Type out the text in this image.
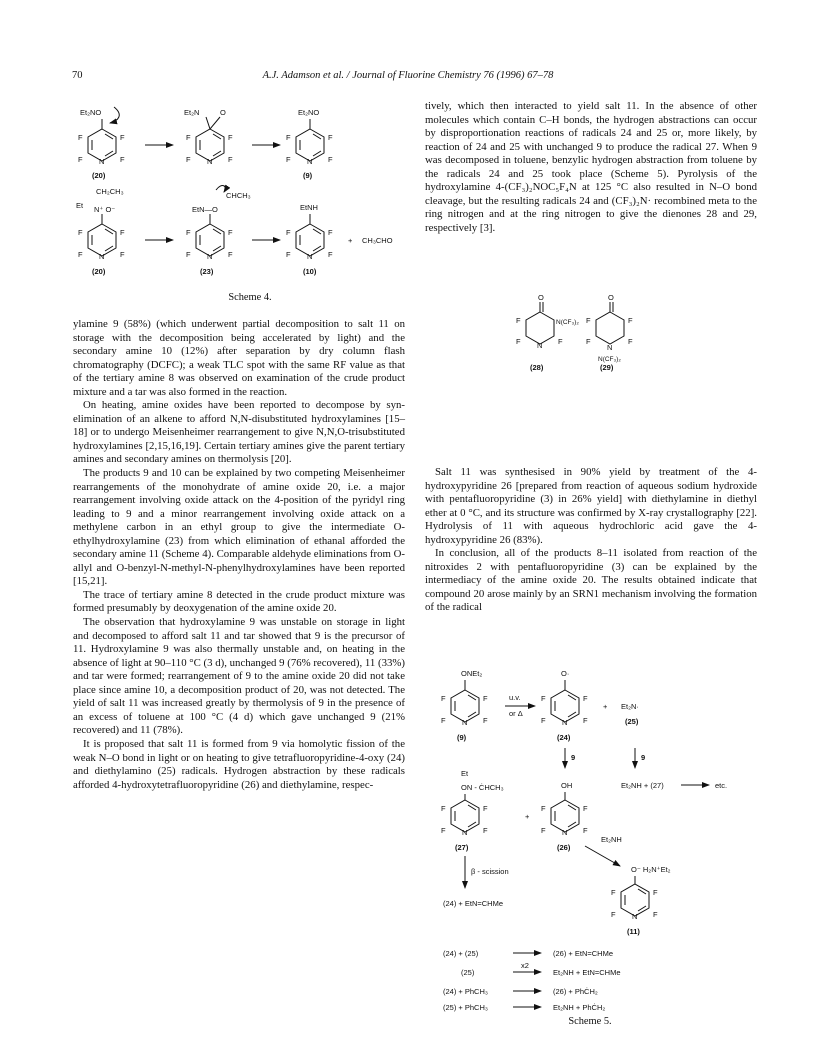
70	A.J. Adamson et al. / Journal of Fluorine Chemistry 76 (1996) 67–78
Et₂NO	Et₂N	O	Et₂NO
(20)	(9)
CH₂CH₃
Et N⁺ O⁻	EtN—O
CHCH₃
EtNH
+ CH₃CHO
(20)	(23)	(10)
Scheme 4.

ylamine 9 (58%) (which underwent partial decomposition to salt 11 on storage with the decomposition being accelerated by light) and the secondary amine 10 (12%) after separation by dry column flash chromatography (DCFC); a weak TLC spot with the same RF value as that of the tertiary amine 8 was observed on examination of the crude product mixture and a tar was also formed in the reaction.

On heating, amine oxides have been reported to decompose by syn-elimination of an alkene to afford N,N-disubstituted hydroxylamines [15–18] or to undergo Meisenheimer rearrangement to give N,N,O-trisubstituted hydroxylamines [2,15,16,19]. Certain tertiary amines give the parent tertiary amines and secondary amines on thermolysis [20].

The products 9 and 10 can be explained by two competing Meisenheimer rearrangements of the monohydrate of amine oxide 20, i.e. a major rearrangement involving oxide attack on the 4-position of the pyridyl ring leading to 9 and a minor rearrangement involving oxide attack on a methylene carbon in an ethyl group to give the intermediate O-ethylhydroxylamine (23) from which elimination of ethanal afforded the secondary amine 11 (Scheme 4). Comparable aldehyde eliminations from O-allyl and O-benzyl-N-methyl-N-phenylhydroxylamines have been reported [15,21].

The trace of tertiary amine 8 detected in the crude product mixture was formed presumably by deoxygenation of the amine oxide 20.

The observation that hydroxylamine 9 was unstable on storage in light and decomposed to afford salt 11 and tar showed that 9 is the precursor of 11. Hydroxylamine 9 was also thermally unstable and, on heating in the absence of light at 90–110 °C (3 d), unchanged 9 (76% recovered), 11 (33%) and tar were formed; rearrangement of 9 to the amine oxide 20 did not take place since amine 10, a decomposition product of 20, was not detected. The yield of salt 11 was increased greatly by thermolysis of 9 in the presence of an excess of toluene at 100 °C (4 d) which gave unchanged 9 (21% recovered) and 11 (78%).

It is proposed that salt 11 is formed from 9 via homolytic fission of the weak N–O bond in light or on heating to give tetrafluoropyridine-4-oxy (24) and diethylamino (25) radicals. Hydrogen abstraction by these radicals afforded 4-hydroxytetrafluoropyridine (26) and diethylamine, respec-

tively, which then interacted to yield salt 11. In the absence of other molecules which contain C–H bonds, the hydrogen abstractions can occur by disproportionation reactions of radicals 24 and 25 or, more likely, by reaction of 24 and 25 with unchanged 9 to produce the radical 27. When 9 was decomposed in toluene, benzylic hydrogen abstraction from toluene by the radicals 24 and 25 took place (Scheme 5). Pyrolysis of the hydroxylamine 4-(CF₃)₂NOC₅F₄N at 125 °C also resulted in N–O bond cleavage, but the resulting radicals 24 and (CF₃)₂N· recombined meta to the ring nitrogen and at the ring nitrogen to give the dienones 28 and 29, respectively [3].

O
N
F
F	F
N(CF₃)₂
O
N
F	F
F	F
N(CF₃)₂
(28)	(29)

Salt 11 was synthesised in 90% yield by treatment of the 4-hydroxypyridine 26 [prepared from reaction of aqueous sodium hydroxide with pentafluoropyridine (3) in 26% yield] with diethylamine in diethyl ether at 0 °C, and its structure was confirmed by X-ray crystallography [22]. Hydrolysis of 11 with aqueous hydrochloric acid gave the 4-hydroxypyridine 26 (83%).

In conclusion, all of the products 8–11 isolated from reaction of the nitroxides 2 with pentafluoropyridine (3) can be explained by the intermediacy of the amine oxide 20. The results obtained indicate that compound 20 arose mainly by an SRN1 mechanism involving the formation of the radical

ONEt₂
(9)
u.v.
or Δ
O·
(24)
+ Et₂N·
(25)
9	9
Et₂NH + (27)	etc.
Et
ON - ĊHCH₃
(27)
+
OH
(26)
Et₂NH
β - scission	O⁻ H₂N⁺Et₂
(11)
(24) + EtN=CHMe
(24) + (25)	(26) + EtN=CHMe
(25)
x2
Et₂NH + EtN=CHMe
(24) + PhCH₃	(26) + PhĊH₂
(25) + PhCH₃	Et₂NH + PhĊH₂
Scheme 5.
